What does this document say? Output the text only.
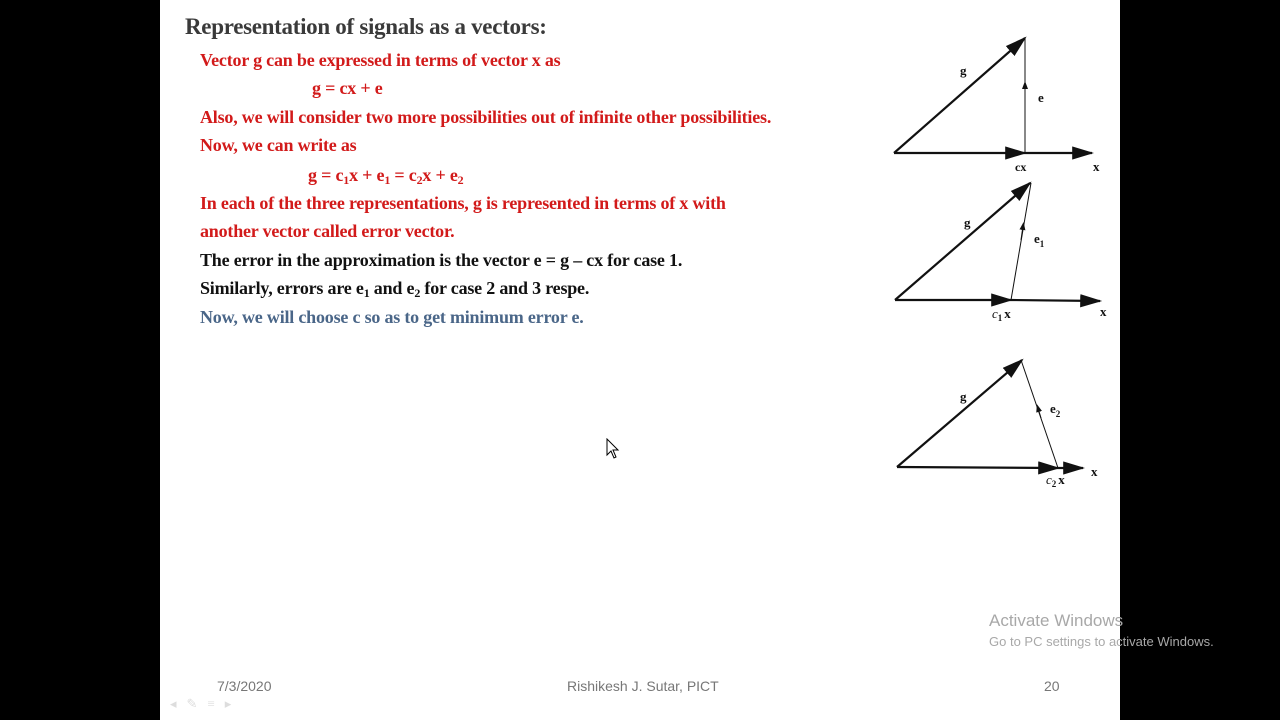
Representation of signals as a vectors:
Vector g can be expressed in terms of vector x as
g = cx + e
Also, we will consider two more possibilities out of infinite other possibilities.
Now, we can write as
$g = c_1x + e_1 = c_2x + e_2$
In each of the three representations, g is represented in terms of x with
another vector called error vector.
The error in the approximation is the vector e = g – cx for case 1.
Similarly, errors are $e_1$ and $e_2$ for case 2 and 3 respe.
Now, we will choose c so as to get minimum error e.
g
e
cx	x
g
$e_1$
$c_1$ x	x
g
$e_2$
$c_2$ x
x
7/3/2020	Rishikesh J. Sutar, PICT	20
◂ ✎ ≡ ▸
Activate Windows
Go to PC settings to activate Windows.
